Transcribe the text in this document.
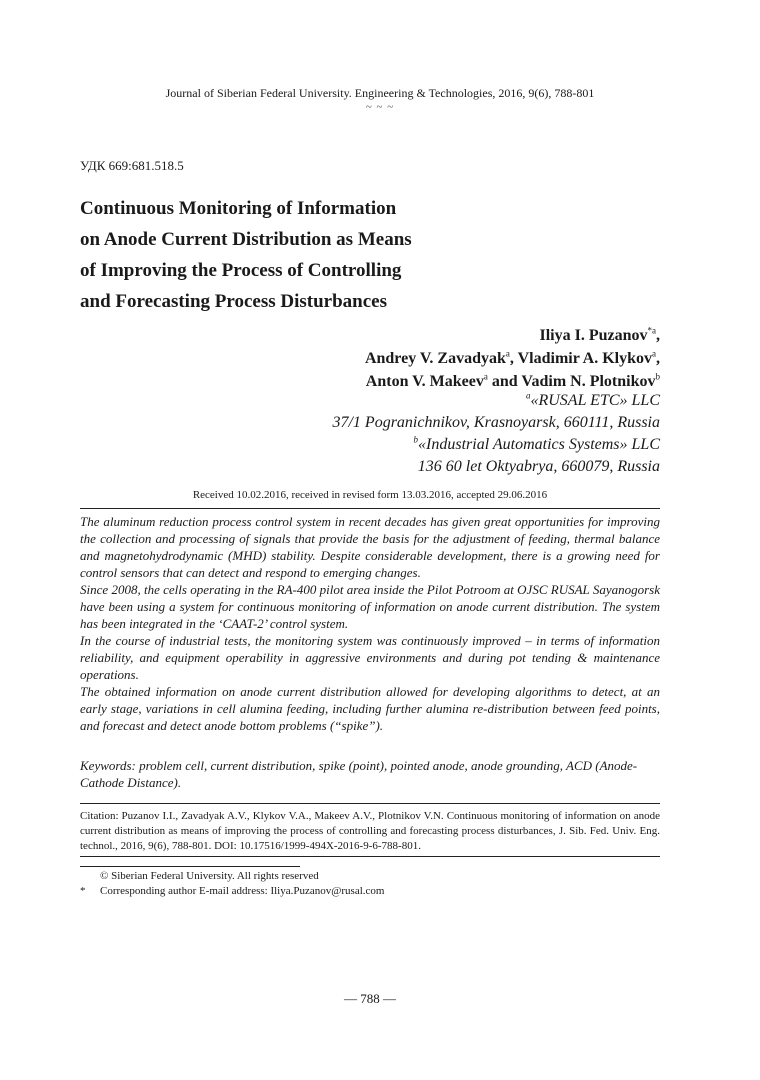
Journal of Siberian Federal University. Engineering & Technologies, 2016, 9(6), 788-801
~ ~ ~
УДК 669:681.518.5
Continuous Monitoring of Information
on Anode Current Distribution as Means
of Improving the Process of Controlling
and Forecasting Process Disturbances
Iliya I. Puzanov$^{*a}$,
Andrey V. Zavadyak$^a$, Vladimir A. Klykov$^a$,
Anton V. Makeev$^a$ and Vadim N. Plotnikov$^b$
$^a$«RUSAL ETC» LLC
37/1 Pogranichnikov, Krasnoyarsk, 660111, Russia
$^b$«Industrial Automatics Systems» LLC
136 60 let Oktyabrya, 660079, Russia
Received 10.02.2016, received in revised form 13.03.2016, accepted 29.06.2016

The aluminum reduction process control system in recent decades has given great opportunities for improving the collection and processing of signals that provide the basis for the adjustment of feeding, thermal balance and magnetohydrodynamic (MHD) stability. Despite considerable development, there is a growing need for control sensors that can detect and respond to emerging changes.

Since 2008, the cells operating in the RA-400 pilot area inside the Pilot Potroom at OJSC RUSAL Sayanogorsk have been using a system for continuous monitoring of information on anode current distribution. The system has been integrated in the ‘CAAT-2’ control system.

In the course of industrial tests, the monitoring system was continuously improved – in terms of information reliability, and equipment operability in aggressive environments and during pot tending & maintenance operations.

The obtained information on anode current distribution allowed for developing algorithms to detect, at an early stage, variations in cell alumina feeding, including further alumina re-distribution between feed points, and forecast and detect anode bottom problems (“spike”).

Keywords: problem cell, current distribution, spike (point), pointed anode, anode grounding, ACD (Anode-Cathode Distance).
Citation: Puzanov I.I., Zavadyak A.V., Klykov V.A., Makeev A.V., Plotnikov V.N. Continuous monitoring of information on anode current distribution as means of improving the process of controlling and forecasting process disturbances, J. Sib. Fed. Univ. Eng. technol., 2016, 9(6), 788-801. DOI: 10.17516/1999-494X-2016-9-6-788-801.
© Siberian Federal University. All rights reserved
* Corresponding author E-mail address: Iliya.Puzanov@rusal.com
— 788 —
